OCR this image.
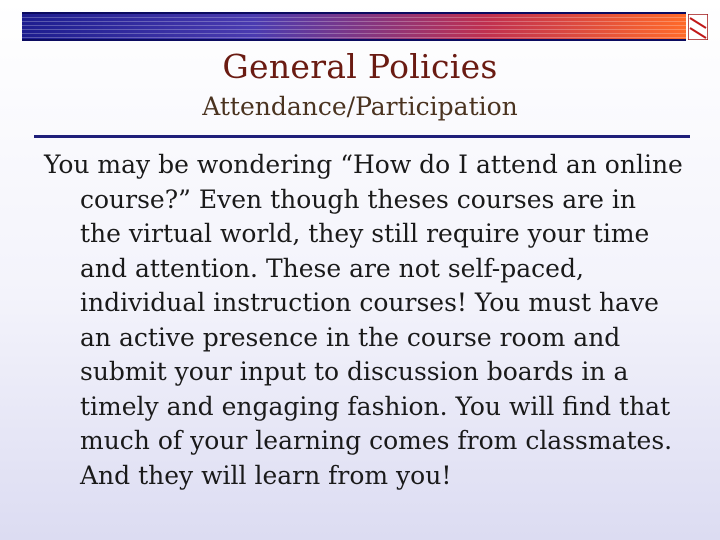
General Policies
Attendance/Participation
You may be wondering “How do I attend an online course?” Even though theses courses are in the virtual world, they still require your time and attention. These are not self-paced, individual instruction courses! You must have an active presence in the course room and submit your input to discussion boards in a timely and engaging fashion. You will find that much of your learning comes from classmates. And they will learn from you!
